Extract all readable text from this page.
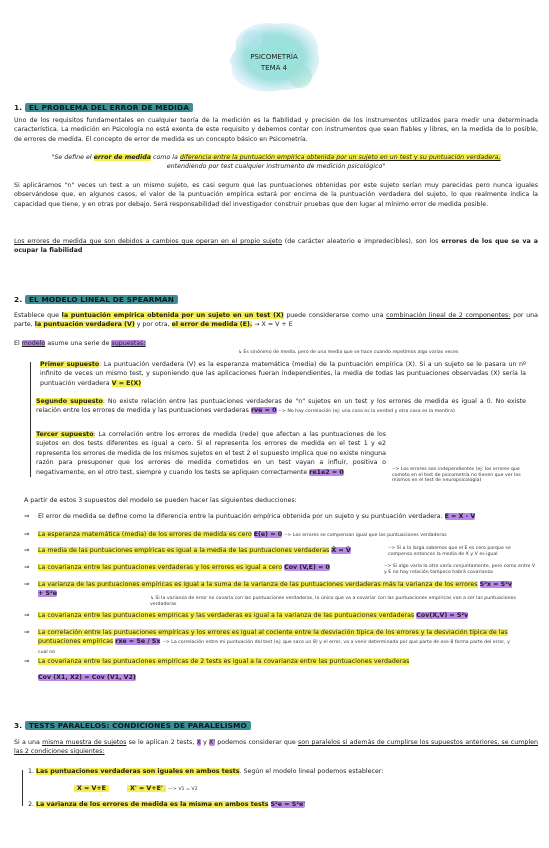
PSICOMETRÍA
TEMA 4
1. EL PROBLEMA DEL ERROR DE MEDIDA
Uno de los requisitos fundamentales en cualquier teoría de la medición es la fiabilidad y precisión de los instrumentos utilizados para medir una determinada característica. La medición en Psicología no está exenta de este requisito y debemos contar con instrumentos que sean fiables y libres, en la medida de lo posible, de errores de medida. El concepto de error de medida es un concepto básico en Psicometría.
"Se define el error de medida como la diferencia entre la puntuación empírica obtenida por un sujeto en un test y su puntuación verdadera,
entendiendo por test cualquier instrumento de medición psicológico"
Si aplicáramos "n" veces un test a un mismo sujeto, es casi seguro que las puntuaciones obtenidas por este sujeto serían muy parecidas pero nunca iguales observándose que, en algunos casos, el valor de la puntuación empírica estará por encima de la puntuación verdadera del sujeto, lo que realmente indica la capacidad que tiene, y en otras por debajo. Será responsabilidad del investigador construir pruebas que den lugar al mínimo error de medida posible.
Los errores de medida que son debidos a cambios que operan en el propio sujeto (de carácter aleatorio e impredecibles), son los errores de los que se va a ocupar la fiabilidad
2. EL MODELO LINEAL DE SPEARMAN
Establece que la puntuación empírica obtenida por un sujeto en un test (X) puede considerarse como una combinación lineal de 2 componentes: por una parte, la puntuación verdadera (V) y por otra, el error de medida (E). → X = V + E
El modelo asume una serie de supuestas:
↳ Es sinónimo de media, pero de una media que se hace cuando repetimos algo varias veces
Primer supuesto: La puntuación verdadera (V) es la esperanza matemática (media) de la puntuación empírica (X). Si a un sujeto se le pasara un nº infinito de veces un mismo test, y suponiendo que las aplicaciones fueran independientes, la media de todas las puntuaciones observadas (X) sería la puntuación verdadera V = E(X)
Segundo supuesto: No existe relación entre las puntuaciones verdaderas de "n" sujetos en un test y los errores de medida es igual a 0. No existe relación entre los errores de medida y las puntuaciones verdaderas rve = 0 --> No hay correlación (ej: una cosa es la verdad y otra cosa es la mentira)
Tercer supuesto: La correlación entre los errores de medida (rede) que afectan a las puntuaciones de los sujetos en dos tests diferentes es igual a cero. Si el representa los errores de medida en el test 1 y e2 representa los errores de medida de los mismos sujetos en el test 2 el supuesto implica que no existe ninguna razón para presuponer que los errores de medida cometidos en un test vayan a influir, positiva o negativamente, en el otro test, siempre y cuando los tests se apliquen correctamente re1e2 = 0	--> Los errores son independientes (ej: los errores que cometo en el test de psicometría no tienen que ver los mismos en el test de neuropsicología)
A partir de estos 3 supuestos del modelo se pueden hacer las siguientes deducciones:
⇒ El error de medida se define como la diferencia entre la puntuación empírica obtenida por un sujeto y su puntuación verdadera. E = X - V
⇒ La esperanza matemática (media) de los errores de medida es cero E(e) = 0 --> Los errores se compensan igual que las puntuaciones verdaderas
⇒ La media de las puntuaciones empíricas es igual a la media de las puntuaciones verdaderas X̄ = V̄	--> Si a la larga sabemos que el E es cero porque se compensa entonces la media de X y V es igual
⇒ La covarianza entre las puntuaciones verdaderas y los errores es igual a cero Cov (V,E) = 0	--> Si algo varía lo otro varía conjuntamente, pero como entre V y E no hay relación tampoco habrá covarianza
⇒ La varianza de las puntuaciones empíricas es igual a la suma de la varianza de las puntuaciones verdaderas más la varianza de los errores S²x = S²v + S²e
↳ Si la varianza de error no covaría con las puntuaciones verdaderas, lo único que va a covariar con las puntuaciones empíricas van a ser las puntuaciones verdaderas
⇒ La covarianza entre las puntuaciones empíricas y las verdaderas es igual a la varianza de las puntuaciones verdaderas Cov(X,V) = S²v
⇒ La correlación entre las puntuaciones empíricas y los errores es igual al cociente entre la desviación típica de los errores y la desviación típica de las puntuaciones empíricas rxe = Se / Sx --> La correlación entre mi puntuación del test (ej: que saco un 8) y el error, va a venir determinada por que parte de ese 8 forma parte del error, y cual no
⇒ La covarianza entre las puntuaciones empíricas de 2 tests es igual a la covarianza entre las puntuaciones verdaderas
Cov (X1, X2) = Cov (V1, V2)
3. TESTS PARALELOS: CONDICIONES DE PARALELISMO
Si a una misma muestra de sujetos se le aplican 2 tests, X y X' podemos considerar que son paralelos si además de cumplirse los supuestos anteriores, se cumplen las 2 condiciones siguientes:
1. Las puntuaciones verdaderas son iguales en ambos tests. Según el modelo lineal podemos establecer:
X = V+E	X' = V+E' ---> V1 = V2
2. La varianza de los errores de medida es la misma en ambos tests S²e = S²e'
